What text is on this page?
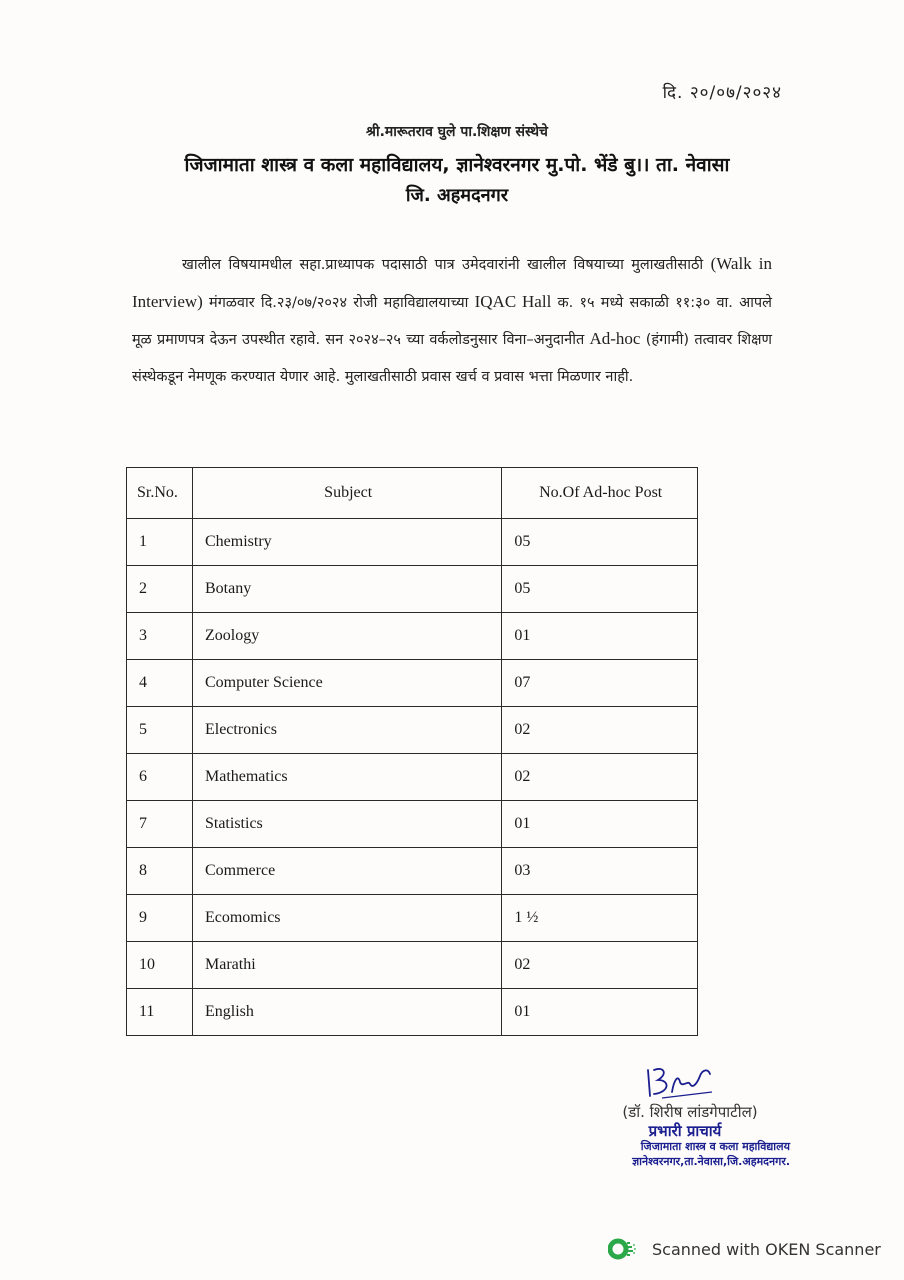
दि. २०/०७/२०२४
श्री.मारूतराव घुले पा.शिक्षण संस्थेचे
जिजामाता शास्त्र व कला महाविद्यालय, ज्ञानेश्वरनगर मु.पो. भेंडे बु।। ता. नेवासा
जि. अहमदनगर
खालील विषयामधील सहा.प्राध्यापक पदासाठी पात्र उमेदवारांनी खालील विषयाच्या मुलाखतीसाठी (Walk in Interview) मंगळवार दि.२३/०७/२०२४ रोजी महाविद्यालयाच्या IQAC Hall क. १५ मध्ये सकाळी ११:३० वा. आपले मूळ प्रमाणपत्र देऊन उपस्थीत रहावे. सन २०२४–२५ च्या वर्कलोडनुसार विना–अनुदानीत Ad-hoc (हंगामी) तत्वावर शिक्षण संस्थेकडून नेमणूक करण्यात येणार आहे. मुलाखतीसाठी प्रवास खर्च व प्रवास भत्ता मिळणार नाही.
Sr.No.	Subject	No.Of Ad-hoc Post
1	Chemistry	05
2	Botany	05
3	Zoology	01
4	Computer Science	07
5	Electronics	02
6	Mathematics	02
7	Statistics	01
8	Commerce	03
9	Ecomomics	1 ½
10	Marathi	02
11	English	01
(डॉ. शिरीष लांडगेपाटील)
प्रभारी प्राचार्य
जिजामाता शास्त्र व कला महाविद्यालय
ज्ञानेश्वरनगर,ता.नेवासा,जि.अहमदनगर.
Scanned with OKEN Scanner
